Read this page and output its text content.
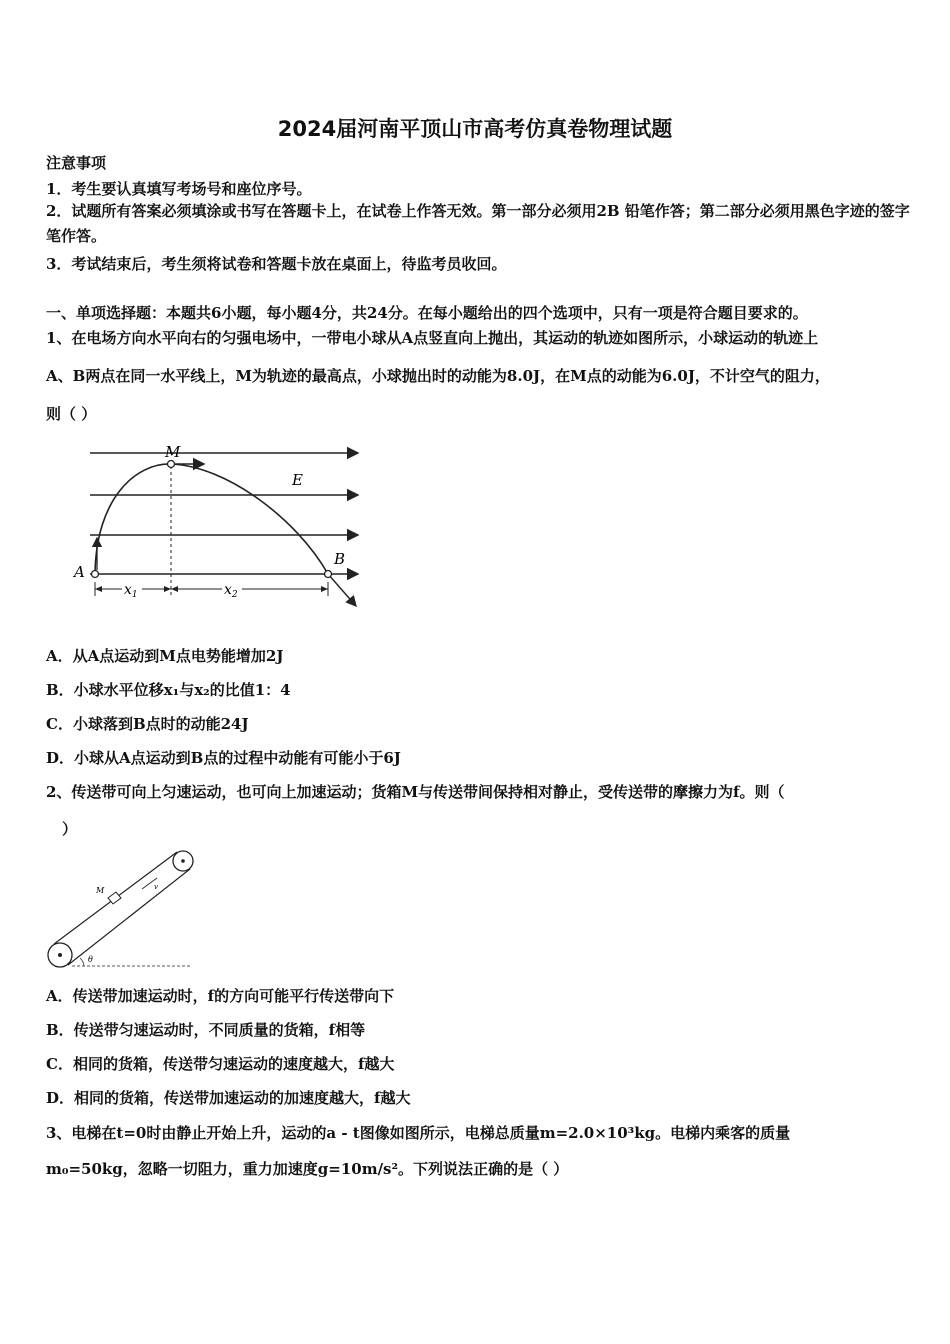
2024届河南平顶山市高考仿真卷物理试题
注意事项
1．考生要认真填写考场号和座位序号。
2．试题所有答案必须填涂或书写在答题卡上，在试卷上作答无效。第一部分必须用2B 铅笔作答；第二部分必须用黑色字迹的签字笔作答。
3．考试结束后，考生须将试卷和答题卡放在桌面上，待监考员收回。
一、单项选择题：本题共6小题，每小题4分，共24分。在每小题给出的四个选项中，只有一项是符合题目要求的。
1、在电场方向水平向右的匀强电场中，一带电小球从A点竖直向上抛出，其运动的轨迹如图所示，小球运动的轨迹上
A、B两点在同一水平线上，M为轨迹的最高点，小球抛出时的动能为8.0J，在M点的动能为6.0J，不计空气的阻力，
则（ ）
A
M
B
E
$x_1$	$x_2$
A．从A点运动到M点电势能增加2J
B．小球水平位移x₁与x₂的比值1：4
C．小球落到B点时的动能24J
D．小球从A点运动到B点的过程中动能有可能小于6J
2、传送带可向上匀速运动，也可向上加速运动；货箱M与传送带间保持相对静止，受传送带的摩擦力为f。则（
）
M	v
θ
A．传送带加速运动时，f的方向可能平行传送带向下
B．传送带匀速运动时，不同质量的货箱，f相等
C．相同的货箱，传送带匀速运动的速度越大，f越大
D．相同的货箱，传送带加速运动的加速度越大，f越大
3、电梯在t=0时由静止开始上升，运动的a - t图像如图所示，电梯总质量m=2.0×10³kg。电梯内乘客的质量
m₀=50kg，忽略一切阻力，重力加速度g=10m/s²。下列说法正确的是（ ）
